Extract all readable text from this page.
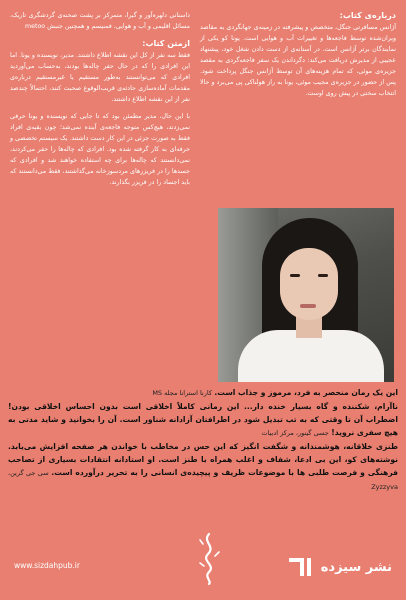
درباره‌ی کتاب:

آژانس مسافرتی جنگل، متخصص و پیشرفته در زمینه‌ی جهانگردی به مقاصد ویران‌شده توسط فاجعه‌ها و تغییرات آب و هوایی است. یونا کو یکی از نمایندگان برتر آژانس است. در آستانه‌ی از دست دادن شغل خود، پیشنهاد عجیبی از مدیرش دریافت می‌کند: دگرداندن یک سفر فاجعه‌گردی به مقصد جزیره‌ی موئی، که تمام هزینه‌های آن توسط آژانس جنگل پرداخت شود. پس از حضور در جزیره‌ی مجیب موئی، یونا به راز هولناکی پی می‌برد و حالا انتخاب سختی در پیش روی اوست.

داستانی دلهره‌آور و گیرا، متمرکز بر پشت صحنه‌ی گردشگری تاریک، مسائل اقلیمی و آب و هوایی، فمنیسم و همچنین جنبش metoo

ازمتن کتاب:

فقط سه نفر از کل این نقشه اطلاع داشتند. مدیر، نویسنده و یونا. اما این افرادی را که در حال حفر چاله‌ها بودند، به‌حساب می‌آوردید افرادی که می‌توانستند به‌طور مستقیم یا غیرمستقیم درباره‌ی مقدمات آماده‌سازی حادثه‌ی قریب‌الوقوع صحبت کنند، احتمالاً چندصد نفر از این نقشه اطلاع داشتند.

با این حال، مدیر مطمئن بود که تا جایی که نویسنده و یونا حرفی نمی‌زدند، هیچ‌کس متوجه فاجعه‌ی آینده نمی‌شد؛ چون بقیه‌ی افراد فقط به صورت جزئی در این کار دست داشتند. یک سیستم تخصصی و حرفه‌ای به کار گرفته شده بود. افرادی که چاله‌ها را حفر می‌کردند، نمی‌دانستند که چاله‌ها برای چه استفاده خواهند شد و افرادی که جسدها را در فریزرهای مردسوزخانه می‌گذاشتند، فقط می‌دانستند که باید اجساد را در فریزر بگذارند.

این یک رمان منحصر به فرد، مرموز و جذاب است. کارنا استرانا مجله MS
ناآرام، شکننده و گاه بسیار خنده دار... این رمانی کاملاً اخلاقی است بدون احساس اخلاقی بودن! اضطراب آن تا وقتی که به تب تبدیل شود در اطرافتان آزادانه شناور است. آن را بخوانید و شاید مدتی به هیچ سفری نروید! جسی گینور، مرکز ادبیات
طنزی خلاقانه، هوشمندانه و شگفت انگیز که این حس در مخاطب با خواندن هر صفحه افزایش می‌یابد. نوشته‌های کو، این بی ادعا، شفاف و اغلب همراه با طنز است. او استادانه انتقادات بسیاری از تصاحب فرهنگی و فرصت طلبی ها با موضوعات ظریف و پیچیده‌ی انسانی را به تحریر درآورده است. سی جی گرین، Zyzzyva
نشر سیزده
www.sizdahpub.ir
